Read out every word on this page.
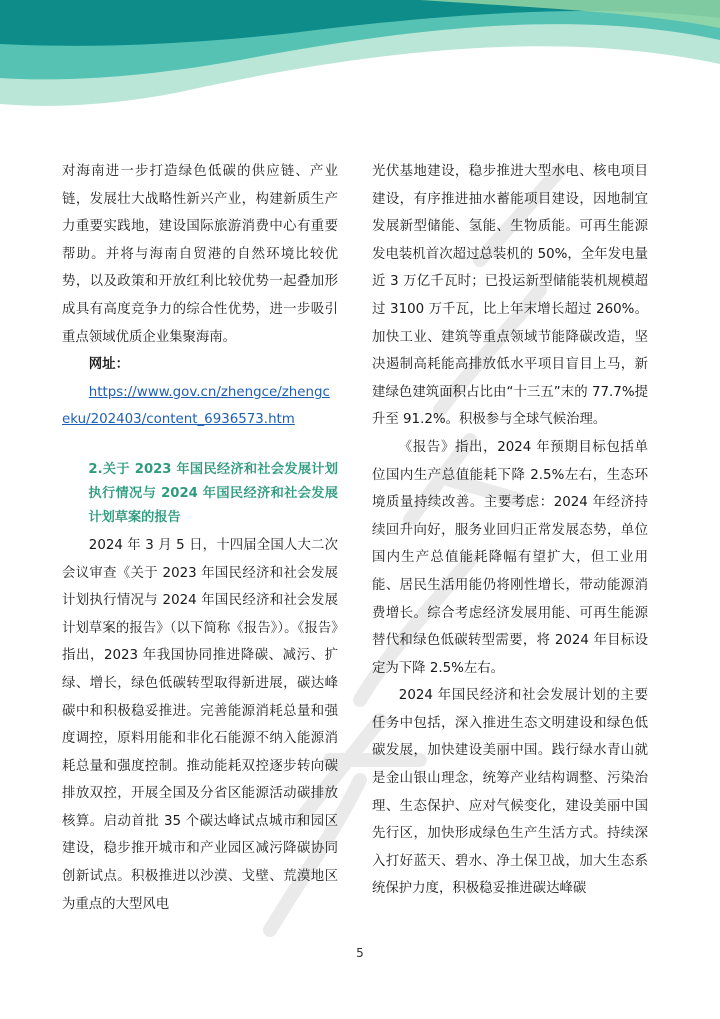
对海南进一步打造绿色低碳的供应链、产业链，发展壮大战略性新兴产业，构建新质生产力重要实践地，建设国际旅游消费中心有重要帮助。并将与海南自贸港的自然环境比较优势，以及政策和开放红利比较优势一起叠加形成具有高度竞争力的综合性优势，进一步吸引重点领域优质企业集聚海南。

网址：

https://www.gov.cn/zhengce/zhengceku/202403/content_6936573.htm

2.关于 2023 年国民经济和社会发展计划执行情况与 2024 年国民经济和社会发展计划草案的报告

2024 年 3 月 5 日，十四届全国人大二次会议审查《关于 2023 年国民经济和社会发展计划执行情况与 2024 年国民经济和社会发展计划草案的报告》（以下简称《报告》）。《报告》指出，2023 年我国协同推进降碳、减污、扩绿、增长，绿色低碳转型取得新进展，碳达峰碳中和积极稳妥推进。完善能源消耗总量和强度调控，原料用能和非化石能源不纳入能源消耗总量和强度控制。推动能耗双控逐步转向碳排放双控，开展全国及分省区能源活动碳排放核算。启动首批 35 个碳达峰试点城市和园区建设，稳步推开城市和产业园区减污降碳协同创新试点。积极推进以沙漠、戈壁、荒漠地区为重点的大型风电

光伏基地建设，稳步推进大型水电、核电项目建设，有序推进抽水蓄能项目建设，因地制宜发展新型储能、氢能、生物质能。可再生能源发电装机首次超过总装机的 50%，全年发电量近 3 万亿千瓦时；已投运新型储能装机规模超过 3100 万千瓦，比上年末增长超过 260%。加快工业、建筑等重点领域节能降碳改造，坚决遏制高耗能高排放低水平项目盲目上马，新建绿色建筑面积占比由“十三五”末的 77.7%提升至 91.2%。积极参与全球气候治理。

《报告》指出，2024 年预期目标包括单位国内生产总值能耗下降 2.5%左右，生态环境质量持续改善。主要考虑：2024 年经济持续回升向好，服务业回归正常发展态势，单位国内生产总值能耗降幅有望扩大，但工业用能、居民生活用能仍将刚性增长，带动能源消费增长。综合考虑经济发展用能、可再生能源替代和绿色低碳转型需要，将 2024 年目标设定为下降 2.5%左右。

2024 年国民经济和社会发展计划的主要任务中包括，深入推进生态文明建设和绿色低碳发展，加快建设美丽中国。践行绿水青山就是金山银山理念，统筹产业结构调整、污染治理、生态保护、应对气候变化，建设美丽中国先行区，加快形成绿色生产生活方式。持续深入打好蓝天、碧水、净土保卫战，加大生态系统保护力度，积极稳妥推进碳达峰碳

5
